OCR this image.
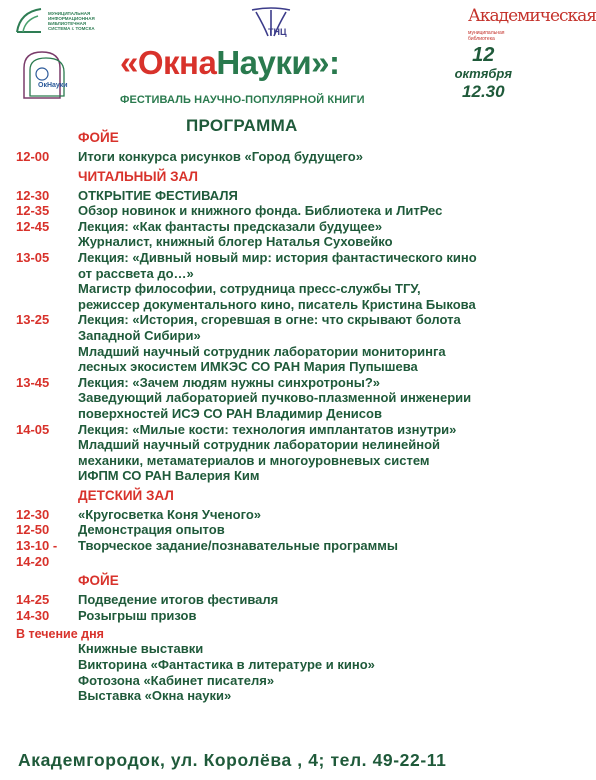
МУНИЦИПАЛЬНАЯ ИНФОРМАЦИОННАЯ БИБЛИОТЕЧНАЯ СИСТЕМА г. ТОМСКА	ТНЦ
Академическая
муниципальная библиотека
ОкНауки
«ОкнаНауки»:
ФЕСТИВАЛЬ НАУЧНО-ПОПУЛЯРНОЙ КНИГИ
12
октября
12.30
ПРОГРАММА
ФОЙЕ
12-00	Итоги конкурса рисунков «Город будущего»
ЧИТАЛЬНЫЙ ЗАЛ
12-30	ОТКРЫТИЕ ФЕСТИВАЛЯ
12-35	Обзор новинок и книжного фонда. Библиотека и ЛитРес
12-45	Лекция: «Как фантасты предсказали будущее»
Журналист, книжный блогер Наталья Суховейко
13-05	Лекция: «Дивный новый мир: история фантастического кино
от рассвета до…»
Магистр философии, сотрудница пресс-службы ТГУ,
режиссер документального кино, писатель Кристина Быкова
13-25	Лекция: «История, сгоревшая в огне: что скрывают болота
Западной Сибири»
Младший научный сотрудник лаборатории мониторинга
лесных экосистем ИМКЭС СО РАН Мария Пупышева
13-45	Лекция: «Зачем людям нужны синхротроны?»
Заведующий лабораторией пучково-плазменной инженерии
поверхностей ИСЭ СО РАН Владимир Денисов
14-05	Лекция: «Милые кости: технология имплантатов изнутри»
Младший научный сотрудник лаборатории нелинейной
механики, метаматериалов и многоуровневых систем
ИФПМ СО РАН Валерия Ким
ДЕТСКИЙ ЗАЛ
12-30	«Кругосветка Коня Ученого»
12-50	Демонстрация опытов
13-10 -	Творческое задание/познавательные программы
14-20
ФОЙЕ
14-25	Подведение итогов фестиваля
14-30	Розыгрыш призов
В течение дня
Книжные выставки
Викторина «Фантастика в литературе и кино»
Фотозона «Кабинет писателя»
Выставка «Окна науки»
Академгородок, ул. Королёва , 4; тел. 49-22-11
